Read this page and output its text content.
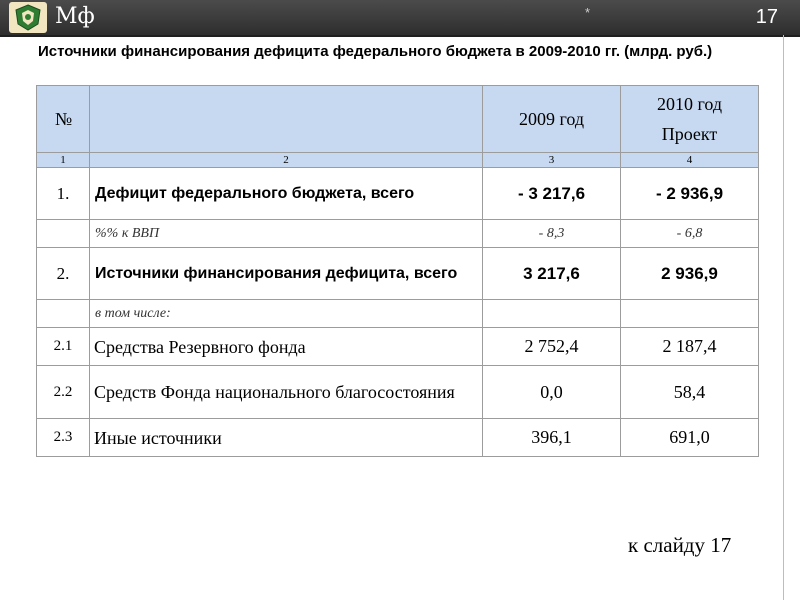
Мф	*	17
Источники финансирования дефицита федерального бюджета в 2009-2010 гг. (млрд. руб.)
№		2009 год	2010 год
Проект

1	2	3	4
1.	Дефицит федерального бюджета, всего	- 3 217,6	- 2 936,9
	%% к ВВП	- 8,3	- 6,8
2.	Источники финансирования дефицита, всего	3 217,6	2 936,9
	в том числе:		
2.1	Средства Резервного фонда	2 752,4	2 187,4
2.2	Средств Фонда национального благосостояния	0,0	58,4
2.3	Иные источники	396,1	691,0
к слайду 17
